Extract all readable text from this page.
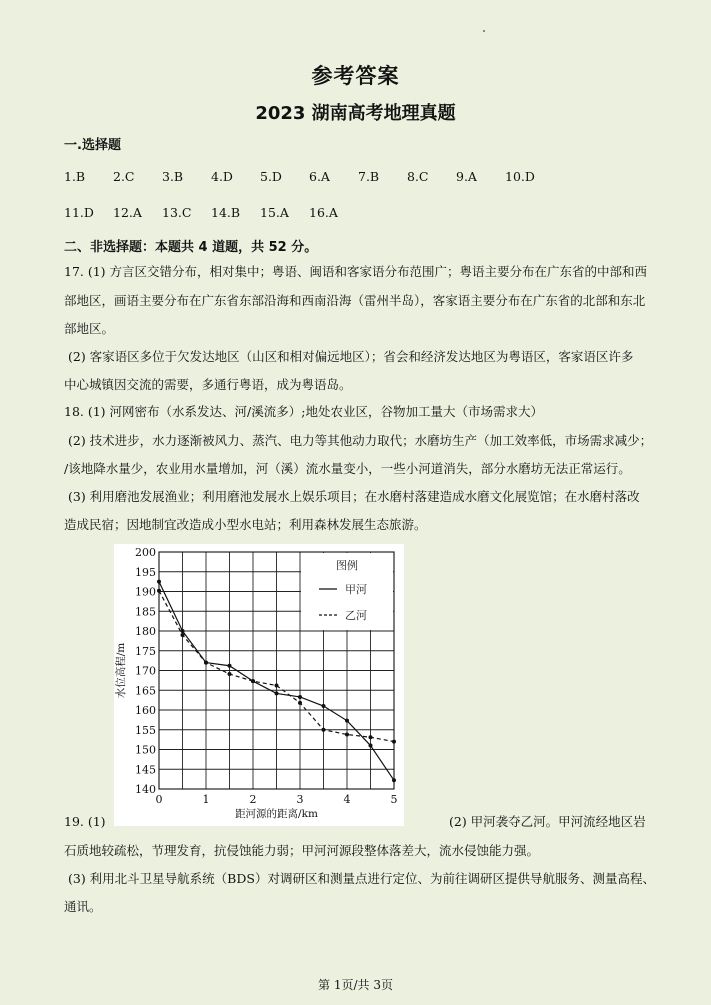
参考答案
2023 湖南高考地理真题
一.选择题
1.B	2.C	3.B	4.D	5.D	6.A	7.B	8.C	9.A	10.D
11.D	12.A	13.C	14.B	15.A	16.A
二、非选择题：本题共 4 道题，共 52 分。
17. (1) 方言区交错分布，相对集中；粤语、闽语和客家语分布范围广；粤语主要分布在广东省的中部和西
部地区，画语主要分布在广东省东部沿海和西南沿海（雷州半岛），客家语主要分布在广东省的北部和东北
部地区。
(2) 客家语区多位于欠发达地区（山区和相对偏远地区）；省会和经济发达地区为粤语区，客家语区许多
中心城镇因交流的需要，多通行粤语，成为粤语岛。
18. (1) 河网密布（水系发达、河/溪流多）;地处农业区，谷物加工量大（市场需求大）
(2) 技术进步，水力逐渐被风力、蒸汽、电力等其他动力取代；水磨坊生产（加工效率低，市场需求减少；
/该地降水量少，农业用水量增加，河（溪）流水量变小，一些小河道消失，部分水磨坊无法正常运行。
(3) 利用磨池发展渔业；利用磨池发展水上娱乐项目；在水磨村落建造成水磨文化展览馆；在水磨村落改
造成民宿；因地制宜改造成小型水电站；利用森林发展生态旅游。
140
145
150
155
160
165
170
175
180
185
190
195
200
0	1	2	3	4	5
距河源的距离/km
水位高程/m
图例
甲河
乙河
19. (1)	(2) 甲河袭夺乙河。甲河流经地区岩
石质地较疏松，节理发育，抗侵蚀能力弱；甲河河源段整体落差大，流水侵蚀能力强。
(3) 利用北斗卫星导航系统（BDS）对调研区和测量点进行定位、为前往调研区提供导航服务、测量高程、
通讯。
第 1页/共 3页
